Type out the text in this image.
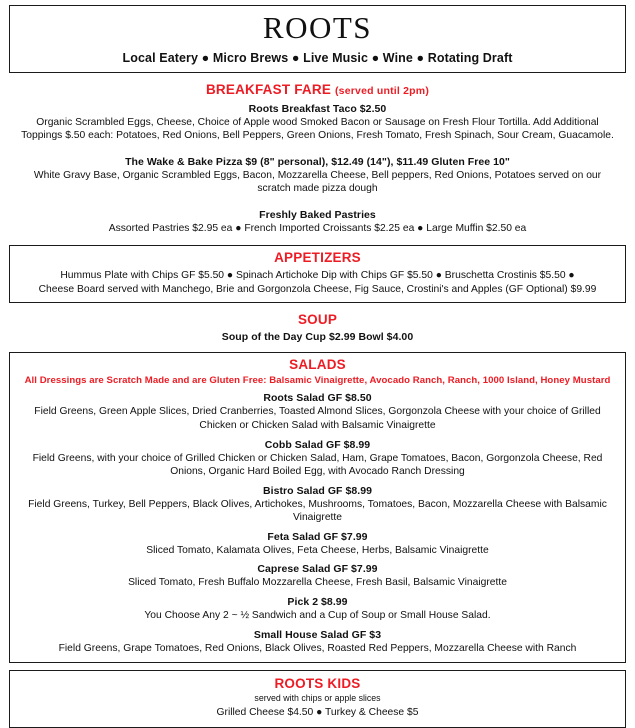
ROOTS
Local Eatery ● Micro Brews ● Live Music ● Wine ● Rotating Draft
BREAKFAST FARE (served until 2pm)
Roots Breakfast Taco $2.50
Organic Scrambled Eggs, Cheese, Choice of Apple wood Smoked Bacon or Sausage on Fresh Flour Tortilla. Add Additional Toppings $.50 each: Potatoes, Red Onions, Bell Peppers, Green Onions, Fresh Tomato, Fresh Spinach, Sour Cream, Guacamole.
The Wake & Bake Pizza $9 (8" personal), $12.49 (14"), $11.49 Gluten Free 10"
White Gravy Base, Organic Scrambled Eggs, Bacon, Mozzarella Cheese, Bell peppers, Red Onions, Potatoes served on our scratch made pizza dough
Freshly Baked Pastries
Assorted Pastries $2.95 ea ● French Imported Croissants $2.25 ea ● Large Muffin $2.50 ea
APPETIZERS
Hummus Plate with Chips GF $5.50 ● Spinach Artichoke Dip with Chips GF $5.50 ● Bruschetta Crostinis $5.50 ●
Cheese Board served with Manchego, Brie and Gorgonzola Cheese, Fig Sauce, Crostini's and Apples (GF Optional) $9.99
SOUP
Soup of the Day Cup $2.99 Bowl $4.00
SALADS
All Dressings are Scratch Made and are Gluten Free: Balsamic Vinaigrette, Avocado Ranch, Ranch, 1000 Island, Honey Mustard
Roots Salad GF $8.50
Field Greens, Green Apple Slices, Dried Cranberries, Toasted Almond Slices, Gorgonzola Cheese with your choice of Grilled Chicken or Chicken Salad with Balsamic Vinaigrette
Cobb Salad GF $8.99
Field Greens, with your choice of Grilled Chicken or Chicken Salad, Ham, Grape Tomatoes, Bacon, Gorgonzola Cheese, Red Onions, Organic Hard Boiled Egg, with Avocado Ranch Dressing
Bistro Salad GF $8.99
Field Greens, Turkey, Bell Peppers, Black Olives, Artichokes, Mushrooms, Tomatoes, Bacon, Mozzarella Cheese with Balsamic Vinaigrette
Feta Salad GF $7.99
Sliced Tomato, Kalamata Olives, Feta Cheese, Herbs, Balsamic Vinaigrette
Caprese Salad GF $7.99
Sliced Tomato, Fresh Buffalo Mozzarella Cheese, Fresh Basil, Balsamic Vinaigrette
Pick 2 $8.99
You Choose Any 2 ~ ½ Sandwich and a Cup of Soup or Small House Salad.
Small House Salad GF $3
Field Greens, Grape Tomatoes, Red Onions, Black Olives, Roasted Red Peppers, Mozzarella Cheese with Ranch
ROOTS KIDS
served with chips or apple slices
Grilled Cheese $4.50 ● Turkey & Cheese $5
